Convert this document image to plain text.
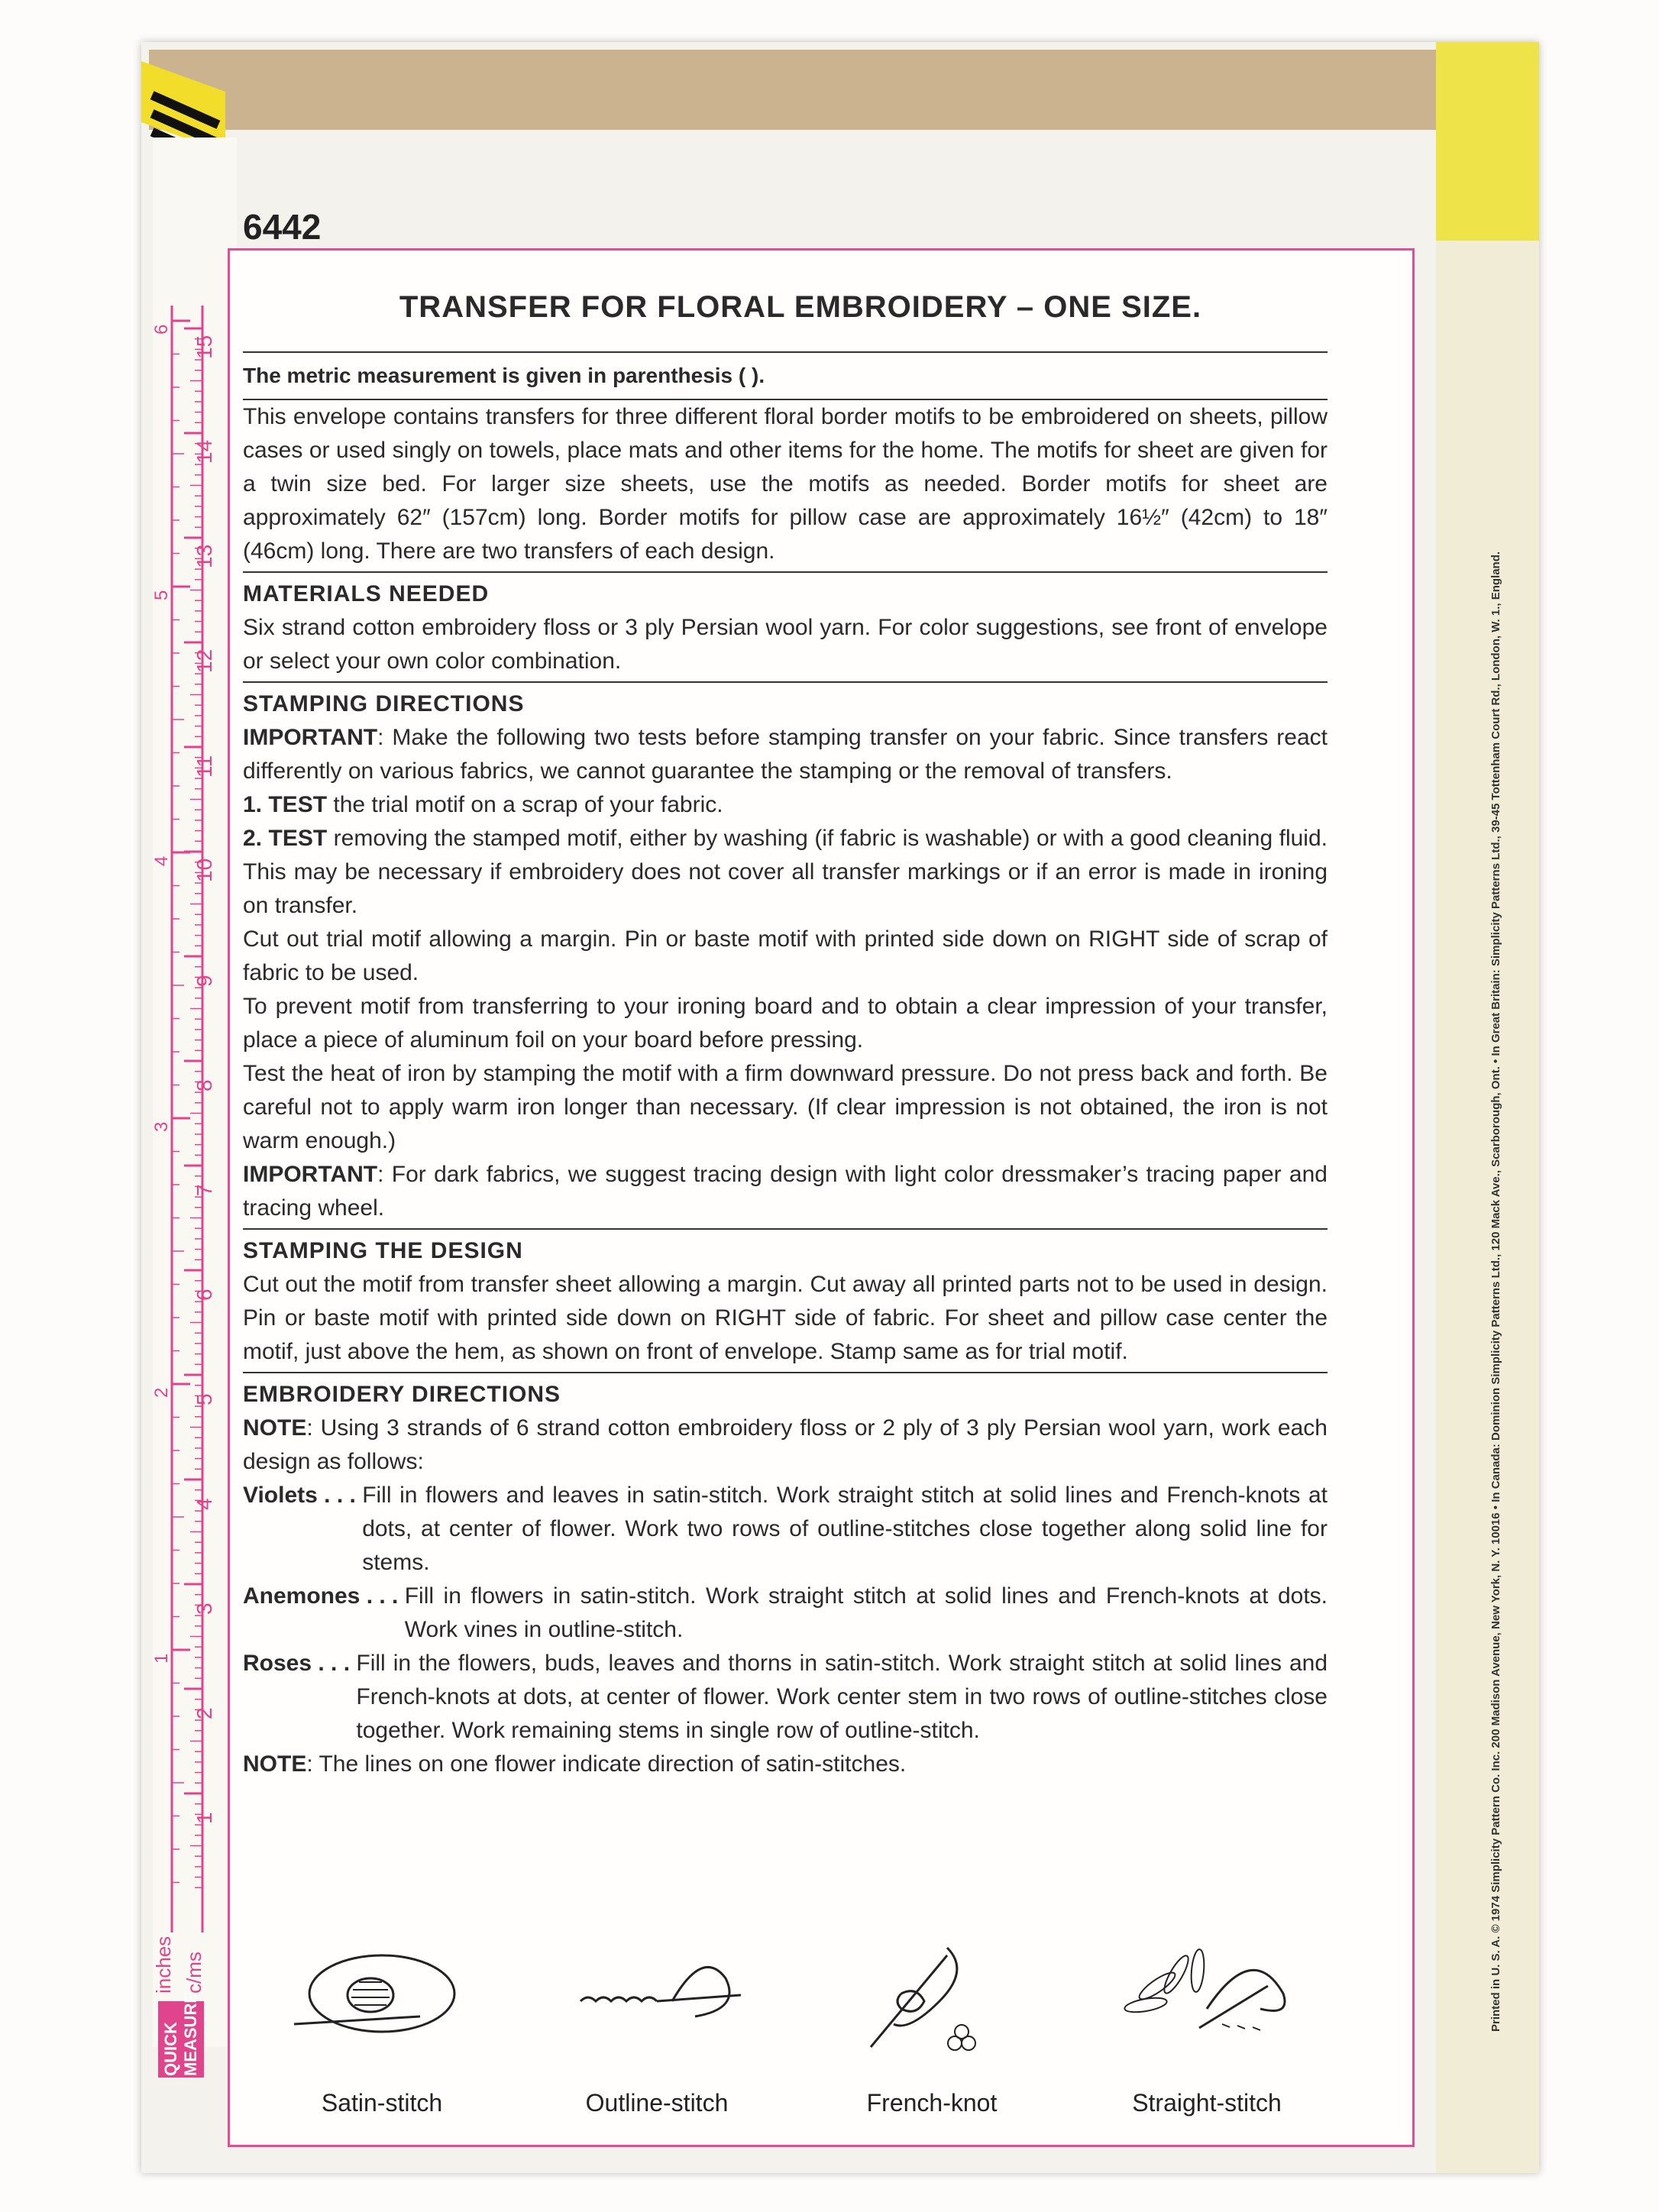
15
14
13
12
11
10
9
8
7
6
5
4
3
2
1
6
5
4
3
2
1
inches c/ms
QUICK MEASURE
6442
TRANSFER FOR FLORAL EMBROIDERY – ONE SIZE.
The metric measurement is given in parenthesis ( ).

This envelope contains transfers for three different floral border motifs to be embroidered on sheets, pillow cases or used singly on towels, place mats and other items for the home. The motifs for sheet are given for a twin size bed. For larger size sheets, use the motifs as needed. Border motifs for sheet are approximately 62″ (157cm) long. Border motifs for pillow case are approximately 16½″ (42cm) to 18″ (46cm) long. There are two transfers of each design.

MATERIALS NEEDED

Six strand cotton embroidery floss or 3 ply Persian wool yarn. For color suggestions, see front of envelope or select your own color combination.

STAMPING DIRECTIONS

IMPORTANT: Make the following two tests before stamping transfer on your fabric. Since transfers react differently on various fabrics, we cannot guarantee the stamping or the removal of transfers.

1. TEST the trial motif on a scrap of your fabric.

2. TEST removing the stamped motif, either by washing (if fabric is washable) or with a good cleaning fluid. This may be necessary if embroidery does not cover all transfer markings or if an error is made in ironing on transfer.

Cut out trial motif allowing a margin. Pin or baste motif with printed side down on RIGHT side of scrap of fabric to be used.

To prevent motif from transferring to your ironing board and to obtain a clear impression of your transfer, place a piece of aluminum foil on your board before pressing.

Test the heat of iron by stamping the motif with a firm downward pressure. Do not press back and forth. Be careful not to apply warm iron longer than necessary. (If clear impression is not obtained, the iron is not warm enough.)

IMPORTANT: For dark fabrics, we suggest tracing design with light color dressmaker’s tracing paper and tracing wheel.

STAMPING THE DESIGN

Cut out the motif from transfer sheet allowing a margin. Cut away all printed parts not to be used in design. Pin or baste motif with printed side down on RIGHT side of fabric. For sheet and pillow case center the motif, just above the hem, as shown on front of envelope. Stamp same as for trial motif.

EMBROIDERY DIRECTIONS

NOTE: Using 3 strands of 6 strand cotton embroidery floss or 2 ply of 3 ply Persian wool yarn, work each design as follows:

Violets . . .
Fill in flowers and leaves in satin-stitch. Work straight stitch at solid lines and French-knots at dots, at center of flower. Work two rows of outline-stitches close together along solid line for stems.
Anemones . . .
Fill in flowers in satin-stitch. Work straight stitch at solid lines and French-knots at dots. Work vines in outline-stitch.
Roses . . .
Fill in the flowers, buds, leaves and thorns in satin-stitch. Work straight stitch at solid lines and French-knots at dots, at center of flower. Work center stem in two rows of outline-stitches close together. Work remaining stems in single row of outline-stitch.

NOTE: The lines on one flower indicate direction of satin-stitches.

Satin-stitch	Outline-stitch	French-knot	Straight-stitch
Printed in U. S. A. © 1974 Simplicity Pattern Co. Inc. 200 Madison Avenue, New York, N. Y. 10016 • In Canada: Dominion Simplicity Patterns Ltd., 120 Mack Ave., Scarborough, Ont. • In Great Britain: Simplicity Patterns Ltd., 39-45 Tottenham Court Rd., London, W. 1., England.
